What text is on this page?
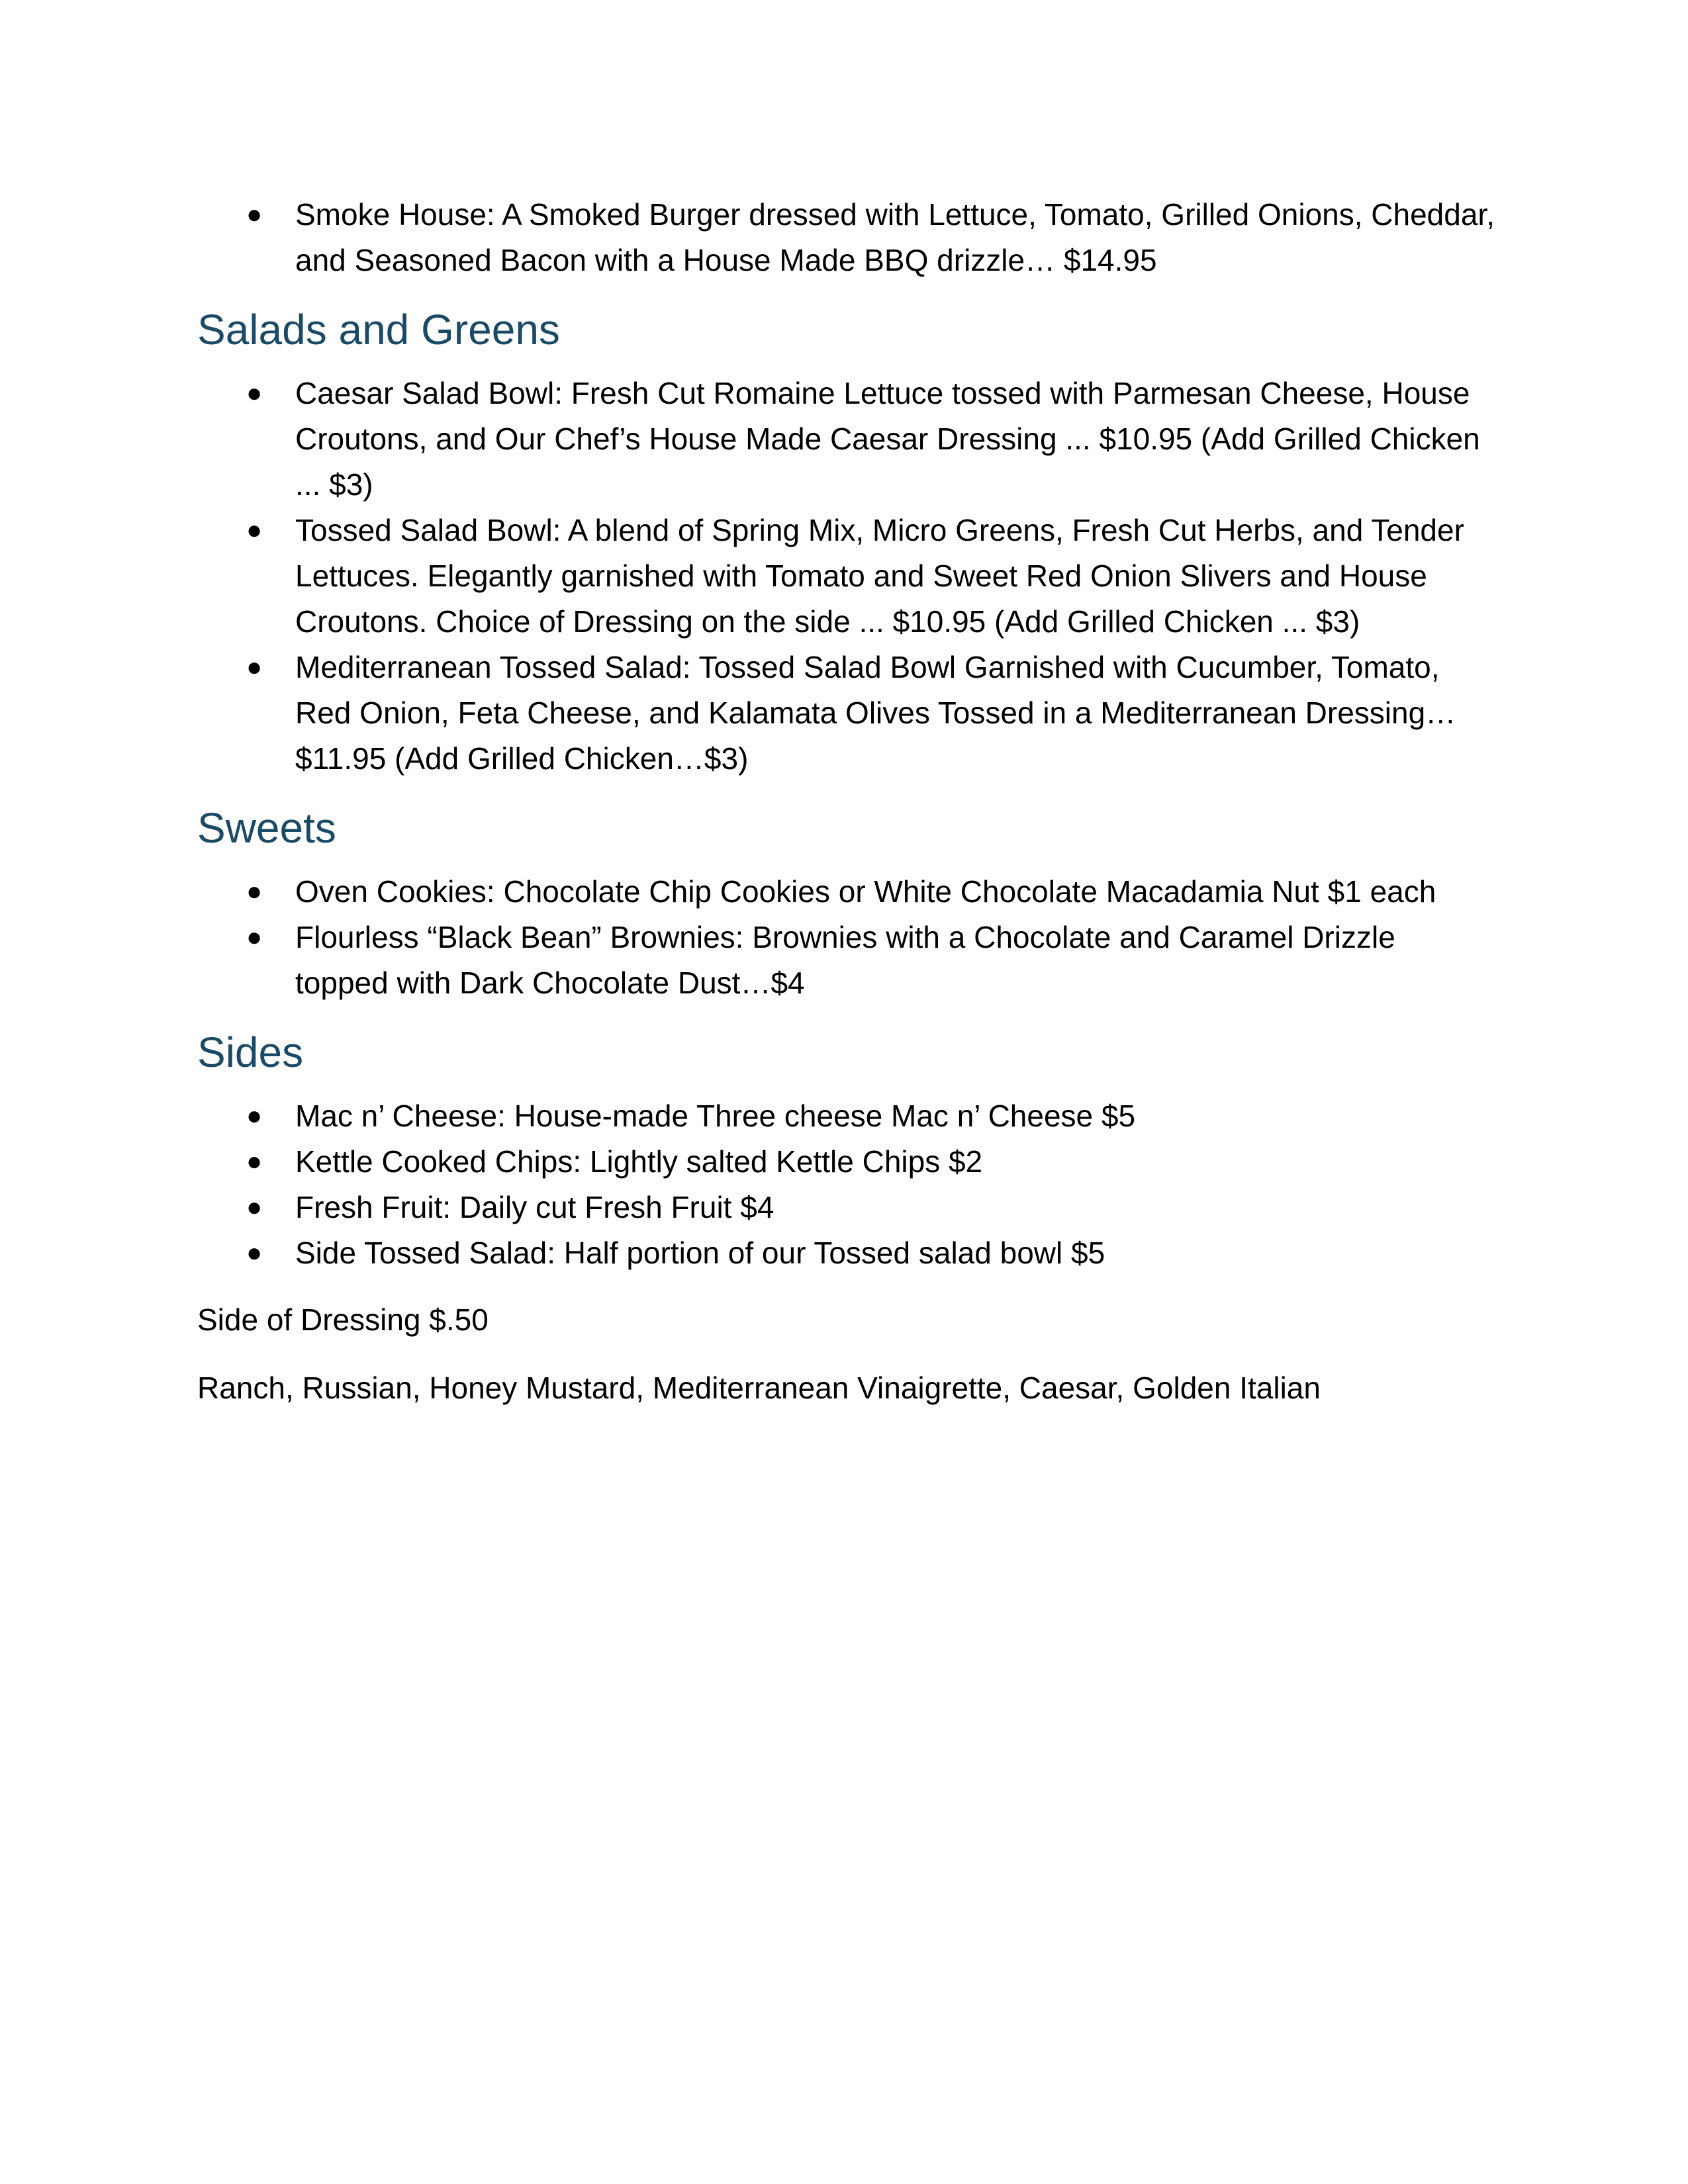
● Smoke House: A Smoked Burger dressed with Lettuce, Tomato, Grilled Onions, Cheddar, and Seasoned Bacon with a House Made BBQ drizzle… $14.95
Salads and Greens
● Caesar Salad Bowl: Fresh Cut Romaine Lettuce tossed with Parmesan Cheese, House Croutons, and Our Chef’s House Made Caesar Dressing ... $10.95 (Add Grilled Chicken ... $3)
● Tossed Salad Bowl: A blend of Spring Mix, Micro Greens, Fresh Cut Herbs, and Tender Lettuces. Elegantly garnished with Tomato and Sweet Red Onion Slivers and House Croutons. Choice of Dressing on the side ... $10.95 (Add Grilled Chicken ... $3)
● Mediterranean Tossed Salad: Tossed Salad Bowl Garnished with Cucumber, Tomato, Red Onion, Feta Cheese, and Kalamata Olives Tossed in a Mediterranean Dressing…$11.95 (Add Grilled Chicken…$3)
Sweets
● Oven Cookies: Chocolate Chip Cookies or White Chocolate Macadamia Nut $1 each
● Flourless “Black Bean” Brownies: Brownies with a Chocolate and Caramel Drizzle topped with Dark Chocolate Dust…$4
Sides
● Mac n’ Cheese: House-made Three cheese Mac n’ Cheese $5
● Kettle Cooked Chips: Lightly salted Kettle Chips $2
● Fresh Fruit: Daily cut Fresh Fruit $4
● Side Tossed Salad: Half portion of our Tossed salad bowl $5

Side of Dressing $.50

Ranch, Russian, Honey Mustard, Mediterranean Vinaigrette, Caesar, Golden Italian
